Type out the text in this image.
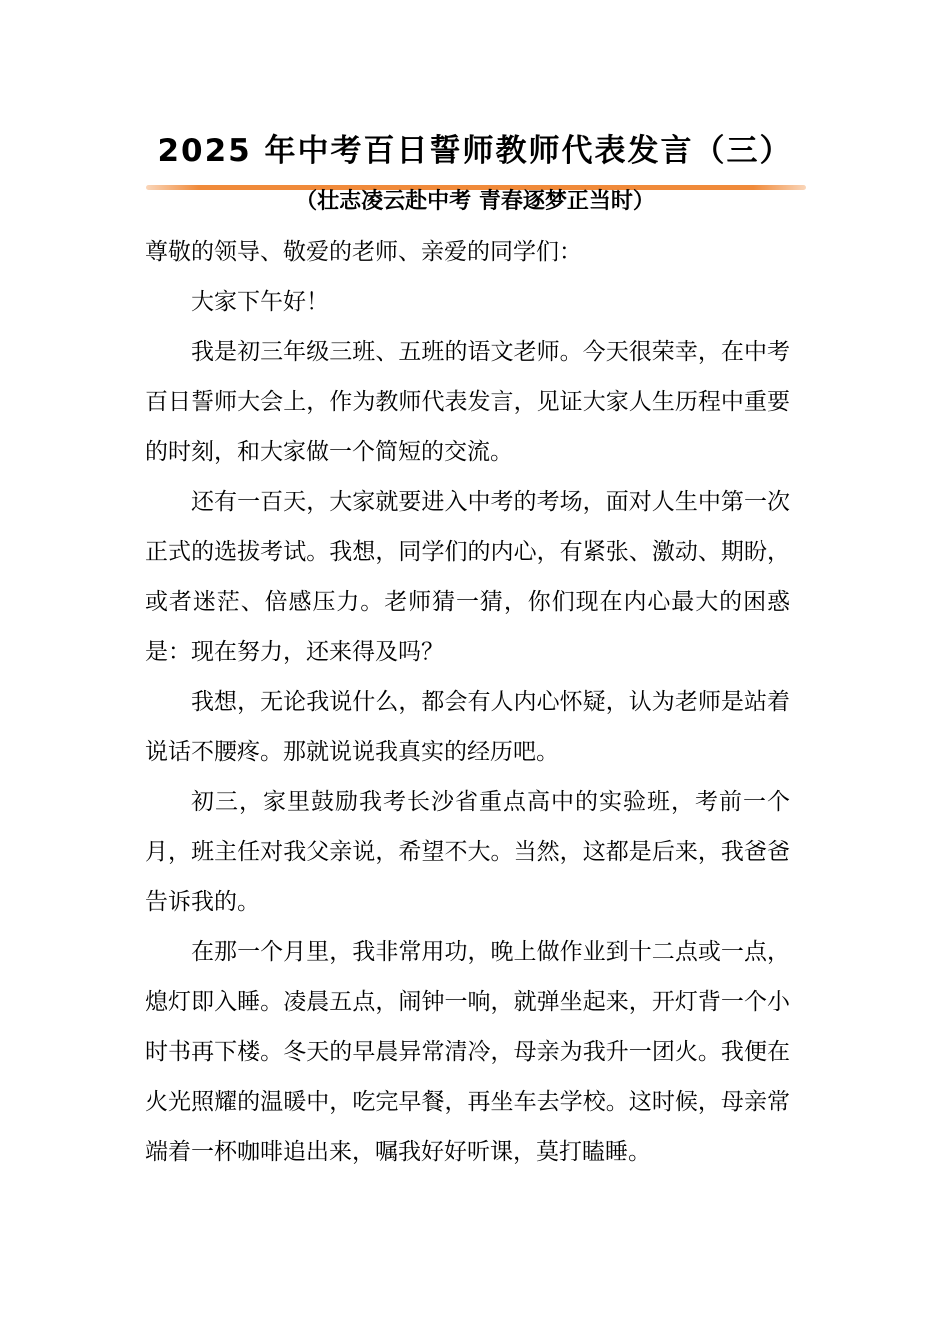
2025 年中考百日誓师教师代表发言（三）
（壮志凌云赴中考 青春逐梦正当时）

尊敬的领导、敬爱的老师、亲爱的同学们：

大家下午好！

我是初三年级三班、五班的语文老师。今天很荣幸，在中考百日誓师大会上，作为教师代表发言，见证大家人生历程中重要的时刻，和大家做一个简短的交流。

还有一百天，大家就要进入中考的考场，面对人生中第一次正式的选拔考试。我想，同学们的内心，有紧张、激动、期盼，或者迷茫、倍感压力。老师猜一猜，你们现在内心最大的困惑是：现在努力，还来得及吗？

我想，无论我说什么，都会有人内心怀疑，认为老师是站着说话不腰疼。那就说说我真实的经历吧。

初三，家里鼓励我考长沙省重点高中的实验班，考前一个月，班主任对我父亲说，希望不大。当然，这都是后来，我爸爸告诉我的。

在那一个月里，我非常用功，晚上做作业到十二点或一点，熄灯即入睡。凌晨五点，闹钟一响，就弹坐起来，开灯背一个小时书再下楼。冬天的早晨异常清冷，母亲为我升一团火。我便在火光照耀的温暖中，吃完早餐，再坐车去学校。这时候，母亲常端着一杯咖啡追出来，嘱我好好听课，莫打瞌睡。
